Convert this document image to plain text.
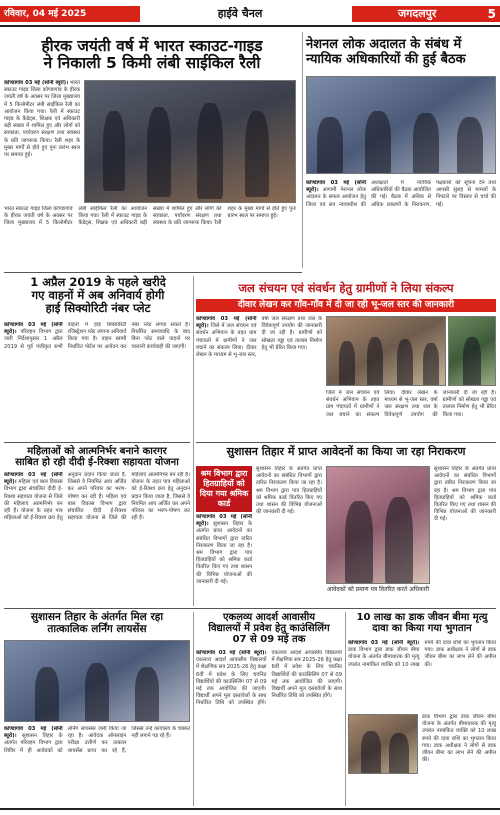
रविवार, 04 मई 2025	हाईवे चैनल	जगदलपुर	5
हीरक जयंती वर्ष में भारत स्काउट-गाइड
ने निकाली 5 किमी लंबी साईकिल रैली
कोण्डागांव 03 मई (सोनी ब्यूरो)। भारत स्काउट गाइड जिला कोण्डागांव के हीरक जयंती वर्ष के अवसर पर जिला मुख्यालय में 5 किलोमीटर लंबी साईकिल रैली का आयोजन किया गया। रैली में स्काउट गाइड के कैडेट्स, शिक्षक एवं अधिकारी बड़ी संख्या में शामिल हुए और लोगों को स्वच्छता, पर्यावरण संरक्षण तथा स्वास्थ्य के प्रति जागरूक किया। रैली शहर के मुख्य मार्गों से होते हुए पुनः प्रारंभ स्थल पर समाप्त हुई।
भारत स्काउट गाइड जिला कोण्डागांव के हीरक जयंती वर्ष के अवसर पर जिला मुख्यालय में 5 किलोमीटर लंबी साईकिल रैली का आयोजन किया गया। रैली में स्काउट गाइड के कैडेट्स, शिक्षक एवं अधिकारी बड़ी संख्या में शामिल हुए और लोगों को स्वच्छता, पर्यावरण संरक्षण तथा स्वास्थ्य के प्रति जागरूक किया। रैली शहर के मुख्य मार्गों से होते हुए पुनः प्रारंभ स्थल पर समाप्त हुई।
नेशनल लोक अदालत के संबंध में
न्यायिक अधिकारियों की हुई बैठक
कोण्डागांव 03 मई (सोनी ब्यूरो)। आगामी नेशनल लोक अदालत के सफल आयोजन हेतु जिला एवं सत्र न्यायाधीश की अध्यक्षता में न्यायिक अधिकारियों की बैठक आयोजित की गई। बैठक में अधिक से अधिक प्रकरणों के निराकरण, पक्षकारों को सूचना देने तथा आपसी सुलह से मामलों के निपटारे पर विस्तार से चर्चा की गई।
1 अप्रैल 2019 के पहले खरीदे
गए वाहनों में अब अनिवार्य होगी
हाई सिक्योरिटी नंबर प्लेट
कोण्डागांव 03 मई (सोनी ब्यूरो)। परिवहन विभाग द्वारा जारी निर्देशानुसार 1 अप्रैल 2019 से पूर्व पंजीकृत सभी वाहनों में हाई सिक्योरिटी रजिस्ट्रेशन प्लेट लगाना अनिवार्य किया गया है। वाहन स्वामी निर्धारित पोर्टल पर आवेदन कर नंबर प्लेट लगवा सकते हैं। निर्धारित समयावधि के बाद बिना प्लेट वाले वाहनों पर चालानी कार्यवाही की जाएगी।
जल संचयन एवं संवर्धन हेतु ग्रामीणों ने लिया संकल्प
दीवार लेखन कर गाँव-गाँव में दी जा रही भू-जल स्तर की जानकारी
कोण्डागांव 03 मई (सोनी ब्यूरो)। जिले में जल संचयन एवं संवर्धन अभियान के तहत ग्राम पंचायतों में ग्रामीणों ने जल बचाने का संकल्प लिया। दीवार लेखन के माध्यम से भू-जल स्तर, वर्षा जल संरक्षण तथा जल के विवेकपूर्ण उपयोग की जानकारी दी जा रही है। ग्रामीणों को सोखता गड्ढा एवं तालाब निर्माण हेतु भी प्रेरित किया गया।
जिले में जल संचयन एवं संवर्धन अभियान के तहत ग्राम पंचायतों में ग्रामीणों ने जल बचाने का संकल्प लिया। दीवार लेखन के माध्यम से भू-जल स्तर, वर्षा जल संरक्षण तथा जल के विवेकपूर्ण उपयोग की जानकारी दी जा रही है। ग्रामीणों को सोखता गड्ढा एवं तालाब निर्माण हेतु भी प्रेरित किया गया।
महिलाओं को आत्मनिर्भर बनाने कारगर
साबित हो रही दीदी ई-रिक्शा सहायता योजना
कोण्डागांव 03 मई (सोनी ब्यूरो)। महिला एवं बाल विकास विभाग द्वारा संचालित दीदी ई-रिक्शा सहायता योजना से जिले की महिलाएं आत्मनिर्भर बन रही हैं। योजना के तहत पात्र महिलाओं को ई-रिक्शा क्रय हेतु अनुदान प्रदान किया जाता है, जिससे वे नियमित आय अर्जित कर अपने परिवार का भरण-पोषण कर रही हैं। महिला एवं बाल विकास विभाग द्वारा संचालित दीदी ई-रिक्शा सहायता योजना से जिले की महिलाएं आत्मनिर्भर बन रही हैं। योजना के तहत पात्र महिलाओं को ई-रिक्शा क्रय हेतु अनुदान प्रदान किया जाता है, जिससे वे नियमित आय अर्जित कर अपने परिवार का भरण-पोषण कर रही हैं।
सुशासन तिहार में प्राप्त आवेदनों का किया जा रहा निराकरण
श्रम विभाग द्वारा हितग्राहियों को दिया गया श्रमिक कार्ड
कोण्डागांव 03 मई (सोनी ब्यूरो)। सुशासन तिहार के अंतर्गत प्राप्त आवेदनों का संबंधित विभागों द्वारा त्वरित निराकरण किया जा रहा है। श्रम विभाग द्वारा पात्र हितग्राहियों को श्रमिक कार्ड वितरित किए गए तथा शासन की विभिन्न योजनाओं की जानकारी दी गई।
सुशासन तिहार के अंतर्गत प्राप्त आवेदनों का संबंधित विभागों द्वारा त्वरित निराकरण किया जा रहा है। श्रम विभाग द्वारा पात्र हितग्राहियों को श्रमिक कार्ड वितरित किए गए तथा शासन की विभिन्न योजनाओं की जानकारी दी गई।
आवेदकों को प्रमाण पत्र वितरित करते अधिकारी
सुशासन तिहार के अंतर्गत प्राप्त आवेदनों का संबंधित विभागों द्वारा त्वरित निराकरण किया जा रहा है। श्रम विभाग द्वारा पात्र हितग्राहियों को श्रमिक कार्ड वितरित किए गए तथा शासन की विभिन्न योजनाओं की जानकारी दी गई।
सुशासन तिहार के अंतर्गत मिल रहा
तात्कालिक लर्निंग लायसेंस
कोण्डागांव 03 मई (सोनी ब्यूरो)। सुशासन तिहार के अंतर्गत परिवहन विभाग द्वारा शिविर में ही आवेदकों को लर्निंग लायसेंस जारी किया जा रहा है। आवेदक ऑनलाइन परीक्षा उत्तीर्ण कर तत्काल लायसेंस प्राप्त कर रहे हैं, जिससे उन्हें कार्यालय के चक्कर नहीं लगाने पड़ रहे हैं।
एकलव्य आदर्श आवासीय
विद्यालयों में प्रवेश हेतु काउंसिलिंग
07 से 09 मई तक
कोण्डागांव 03 मई (सोनी ब्यूरो)। एकलव्य आदर्श आवासीय विद्यालयों में शैक्षणिक सत्र 2025-26 हेतु कक्षा 6वीं में प्रवेश के लिए चयनित विद्यार्थियों की काउंसिलिंग 07 से 09 मई तक आयोजित की जाएगी। विद्यार्थी अपने मूल दस्तावेजों के साथ निर्धारित तिथि को उपस्थित होंगे। एकलव्य आदर्श आवासीय विद्यालयों में शैक्षणिक सत्र 2025-26 हेतु कक्षा 6वीं में प्रवेश के लिए चयनित विद्यार्थियों की काउंसिलिंग 07 से 09 मई तक आयोजित की जाएगी। विद्यार्थी अपने मूल दस्तावेजों के साथ निर्धारित तिथि को उपस्थित होंगे।
10 लाख का डाक जीवन बीमा मृत्यु दावा का किया गया भुगतान
कोण्डागांव 03 मई (सोनी ब्यूरो)। डाक विभाग द्वारा डाक जीवन बीमा योजना के अंतर्गत बीमाधारक की मृत्यु उपरांत नामांकित व्यक्ति को 10 लाख रुपये की दावा राशि का भुगतान किया गया। डाक अधीक्षक ने लोगों से डाक जीवन बीमा का लाभ लेने की अपील की।
डाक विभाग द्वारा डाक जीवन बीमा योजना के अंतर्गत बीमाधारक की मृत्यु उपरांत नामांकित व्यक्ति को 10 लाख रुपये की दावा राशि का भुगतान किया गया। डाक अधीक्षक ने लोगों से डाक जीवन बीमा का लाभ लेने की अपील की।
